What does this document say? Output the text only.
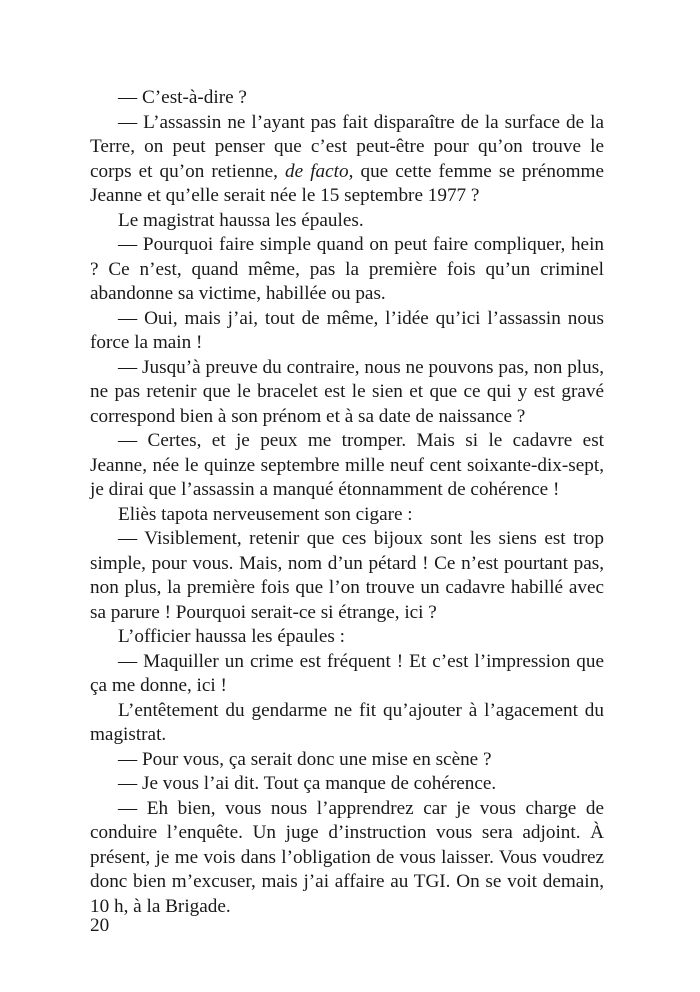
— C’est-à-dire ?

— L’assassin ne l’ayant pas fait disparaître de la surface de la Terre, on peut penser que c’est peut-être pour qu’on trouve le corps et qu’on retienne, de facto, que cette femme se prénomme Jeanne et qu’elle serait née le 15 septembre 1977 ?

Le magistrat haussa les épaules.

— Pourquoi faire simple quand on peut faire compliquer, hein ? Ce n’est, quand même, pas la première fois qu’un criminel abandonne sa victime, habillée ou pas.

— Oui, mais j’ai, tout de même, l’idée qu’ici l’assassin nous force la main !

— Jusqu’à preuve du contraire, nous ne pouvons pas, non plus, ne pas retenir que le bracelet est le sien et que ce qui y est gravé correspond bien à son prénom et à sa date de naissance ?

— Certes, et je peux me tromper. Mais si le cadavre est Jeanne, née le quinze septembre mille neuf cent soixante-dix-sept, je dirai que l’assassin a manqué étonnamment de cohérence !

Eliès tapota nerveusement son cigare :

— Visiblement, retenir que ces bijoux sont les siens est trop simple, pour vous. Mais, nom d’un pétard ! Ce n’est pourtant pas, non plus, la première fois que l’on trouve un cadavre habillé avec sa parure ! Pourquoi serait-ce si étrange, ici ?

L’officier haussa les épaules :

— Maquiller un crime est fréquent ! Et c’est l’impression que ça me donne, ici !

L’entêtement du gendarme ne fit qu’ajouter à l’agacement du magistrat.

— Pour vous, ça serait donc une mise en scène ?

— Je vous l’ai dit. Tout ça manque de cohérence.

— Eh bien, vous nous l’apprendrez car je vous charge de conduire l’enquête. Un juge d’instruction vous sera adjoint. À présent, je me vois dans l’obligation de vous laisser. Vous voudrez donc bien m’excuser, mais j’ai affaire au TGI. On se voit demain, 10 h, à la Brigade.

20
